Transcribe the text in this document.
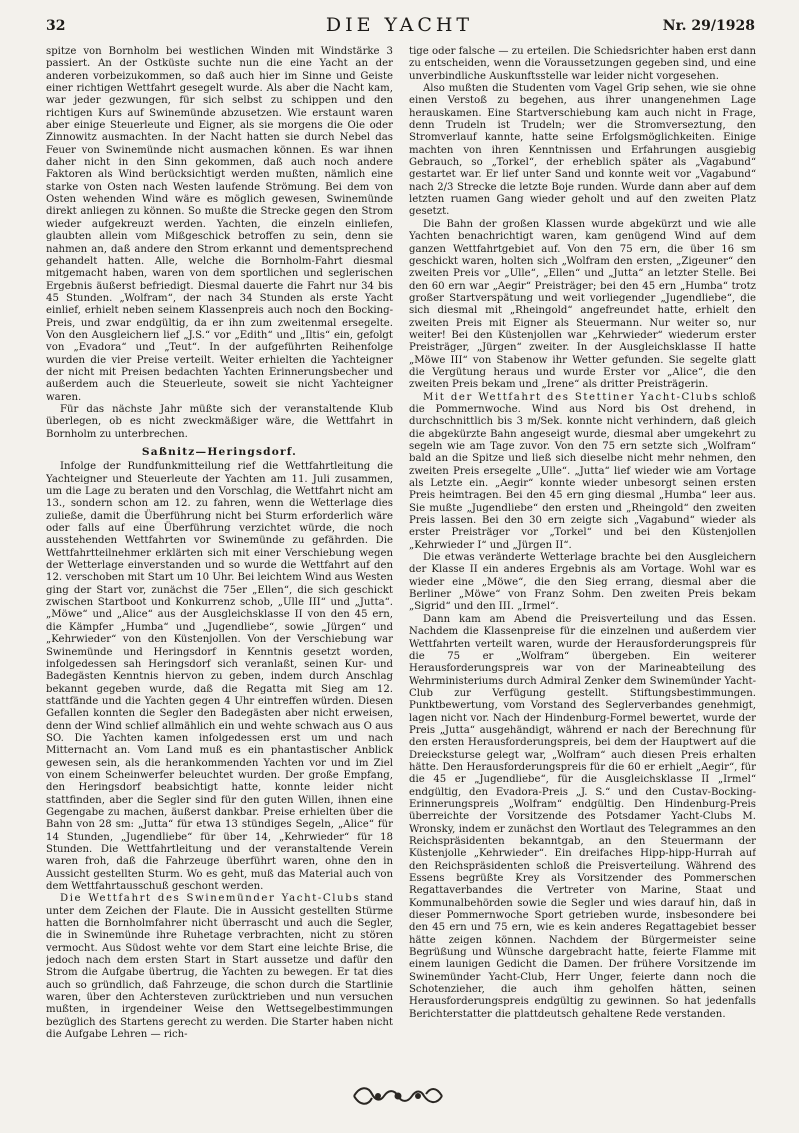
32	DIE YACHT	Nr. 29/1928

spitze von Bornholm bei westlichen Winden mit Windstärke 3 passiert. An der Ostküste suchte nun die eine Yacht an der anderen vorbeizukommen, so daß auch hier im Sinne und Geiste einer richtigen Wettfahrt gesegelt wurde. Als aber die Nacht kam, war jeder gezwungen, für sich selbst zu schippen und den richtigen Kurs auf Swinemünde abzusetzen. Wie erstaunt waren aber einige Steuerleute und Eigner, als sie morgens die Oie oder Zinnowitz ausmachten. In der Nacht hatten sie durch Nebel das Feuer von Swinemünde nicht ausmachen können. Es war ihnen daher nicht in den Sinn gekommen, daß auch noch andere Faktoren als Wind berücksichtigt werden mußten, nämlich eine starke von Osten nach Westen laufende Strömung. Bei dem von Osten wehenden Wind wäre es möglich gewesen, Swinemünde direkt anliegen zu können. So mußte die Strecke gegen den Strom wieder aufgekreuzt werden. Yachten, die einzeln einliefen, glaubten allein vom Mißgeschick betroffen zu sein, denn sie nahmen an, daß andere den Strom erkannt und dementsprechend gehandelt hatten. Alle, welche die Bornholm-Fahrt diesmal mitgemacht haben, waren von dem sportlichen und seglerischen Ergebnis äußerst befriedigt. Diesmal dauerte die Fahrt nur 34 bis 45 Stunden. „Wolfram“, der nach 34 Stunden als erste Yacht einlief, erhielt neben seinem Klassenpreis auch noch den Bocking-Preis, und zwar endgültig, da er ihn zum zweitenmal ersegelte. Von den Ausgleichern lief „J.S.“ vor „Edith“ und „Iltis“ ein, gefolgt von „Evadora“ und „Teut“. In der aufgeführten Reihenfolge wurden die vier Preise verteilt. Weiter erhielten die Yachteigner der nicht mit Preisen bedachten Yachten Erinnerungsbecher und außerdem auch die Steuerleute, soweit sie nicht Yachteigner waren.

Für das nächste Jahr müßte sich der veranstaltende Klub überlegen, ob es nicht zweckmäßiger wäre, die Wettfahrt in Bornholm zu unterbrechen.

Saßnitz—Heringsdorf.

Infolge der Rundfunkmitteilung rief die Wettfahrtleitung die Yachteigner und Steuerleute der Yachten am 11. Juli zusammen, um die Lage zu beraten und den Vorschlag, die Wettfahrt nicht am 13., sondern schon am 12. zu fahren, wenn die Wetterlage dies zuließe, damit die Überführung nicht bei Sturm erforderlich wäre oder falls auf eine Überführung verzichtet würde, die noch ausstehenden Wettfahrten vor Swinemünde zu gefährden. Die Wettfahrtteilnehmer erklärten sich mit einer Verschiebung wegen der Wetterlage einverstanden und so wurde die Wettfahrt auf den 12. verschoben mit Start um 10 Uhr. Bei leichtem Wind aus Westen ging der Start vor, zunächst die 75er „Ellen“, die sich geschickt zwischen Startboot und Konkurrenz schob, „Ulle III“ und „Jutta“. „Möwe“ und „Alice“ aus der Ausgleichsklasse II von den 45 ern, die Kämpfer „Humba“ und „Jugendliebe“, sowie „Jürgen“ und „Kehrwieder“ von den Küstenjollen. Von der Verschiebung war Swinemünde und Heringsdorf in Kenntnis gesetzt worden, infolgedessen sah Heringsdorf sich veranlaßt, seinen Kur- und Badegästen Kenntnis hiervon zu geben, indem durch Anschlag bekannt gegeben wurde, daß die Regatta mit Sieg am 12. stattfände und die Yachten gegen 4 Uhr eintreffen würden. Diesen Gefallen konnten die Segler den Badegästen aber nicht erweisen, denn der Wind schlief allmählich ein und wehte schwach aus O aus SO. Die Yachten kamen infolgedessen erst um und nach Mitternacht an. Vom Land muß es ein phantastischer Anblick gewesen sein, als die herankommenden Yachten vor und im Ziel von einem Scheinwerfer beleuchtet wurden. Der große Empfang, den Heringsdorf beabsichtigt hatte, konnte leider nicht stattfinden, aber die Segler sind für den guten Willen, ihnen eine Gegengabe zu machen, äußerst dankbar. Preise erhielten über die Bahn von 28 sm: „Jutta“ für etwa 13 stündiges Segeln, „Alice“ für 14 Stunden, „Jugendliebe“ für über 14, „Kehrwieder“ für 18 Stunden. Die Wettfahrtleitung und der veranstaltende Verein waren froh, daß die Fahrzeuge überführt waren, ohne den in Aussicht gestellten Sturm. Wo es geht, muß das Material auch von dem Wettfahrtausschuß geschont werden.

Die Wettfahrt des Swinemünder Yacht-Clubs stand unter dem Zeichen der Flaute. Die in Aussicht gestellten Stürme hatten die Bornholmfahrer nicht überrascht und auch die Segler, die in Swinemünde ihre Ruhetage verbrachten, nicht zu stören vermocht. Aus Südost wehte vor dem Start eine leichte Brise, die jedoch nach dem ersten Start in Start aussetze und dafür den Strom die Aufgabe übertrug, die Yachten zu bewegen. Er tat dies auch so gründlich, daß Fahrzeuge, die schon durch die Startlinie waren, über den Achtersteven zurücktrieben und nun versuchen mußten, in irgendeiner Weise den Wettsegelbestimmungen bezüglich des Startens gerecht zu werden. Die Starter haben nicht die Aufgabe Lehren — rich-

tige oder falsche — zu erteilen. Die Schiedsrichter haben erst dann zu entscheiden, wenn die Voraussetzungen gegeben sind, und eine unverbindliche Auskunftsstelle war leider nicht vorgesehen.

Also mußten die Studenten vom Vagel Grip sehen, wie sie ohne einen Verstoß zu begehen, aus ihrer unangenehmen Lage herauskamen. Eine Startverschiebung kam auch nicht in Frage, denn Trudeln ist Trudeln; wer die Stromverseztung, den Stromverlauf kannte, hatte seine Erfolgsmöglichkeiten. Einige machten von ihren Kenntnissen und Erfahrungen ausgiebig Gebrauch, so „Torkel“, der erheblich später als „Vagabund“ gestartet war. Er lief unter Sand und konnte weit vor „Vagabund“ nach 2/3 Strecke die letzte Boje runden. Wurde dann aber auf dem letzten ruamen Gang wieder geholt und auf den zweiten Platz gesetzt.

Die Bahn der großen Klassen wurde abgekürzt und wie alle Yachten benachrichtigt waren, kam genügend Wind auf dem ganzen Wettfahrtgebiet auf. Von den 75 ern, die über 16 sm geschickt waren, holten sich „Wolfram den ersten, „Zigeuner“ den zweiten Preis vor „Ulle“, „Ellen“ und „Jutta“ an letzter Stelle. Bei den 60 ern war „Aegir“ Preisträger; bei den 45 ern „Humba“ trotz großer Startverspätung und weit vorliegender „Jugendliebe“, die sich diesmal mit „Rheingold“ angefreundet hatte, erhielt den zweiten Preis mit Eigner als Steuermann. Nur weiter so, nur weiter! Bei den Küstenjollen war „Kehrwieder“ wiederum erster Preisträger, „Jürgen“ zweiter. In der Ausgleichsklasse II hatte „Möwe III“ von Stabenow ihr Wetter gefunden. Sie segelte glatt die Vergütung heraus und wurde Erster vor „Alice“, die den zweiten Preis bekam und „Irene“ als dritter Preisträgerin.

Mit der Wettfahrt des Stettiner Yacht-Clubs schloß die Pommernwoche. Wind aus Nord bis Ost drehend, in durchschnittlich bis 3 m/Sek. konnte nicht verhindern, daß gleich die abgekürzte Bahn angeseigt wurde, diesmal aber umgekehrt zu segeln wie am Tage zuvor. Von den 75 ern setzte sich „Wolfram“ bald an die Spitze und ließ sich dieselbe nicht mehr nehmen, den zweiten Preis ersegelte „Ulle“. „Jutta“ lief wieder wie am Vortage als Letzte ein. „Aegir“ konnte wieder unbesorgt seinen ersten Preis heimtragen. Bei den 45 ern ging diesmal „Humba“ leer aus. Sie mußte „Jugendliebe“ den ersten und „Rheingold“ den zweiten Preis lassen. Bei den 30 ern zeigte sich „Vagabund“ wieder als erster Preisträger vor „Torkel“ und bei den Küstenjollen „Kehrwieder I“ und „Jürgen II“.

Die etwas veränderte Wetterlage brachte bei den Ausgleichern der Klasse II ein anderes Ergebnis als am Vortage. Wohl war es wieder eine „Möwe“, die den Sieg errang, diesmal aber die Berliner „Möwe“ von Franz Sohm. Den zweiten Preis bekam „Sigrid“ und den III. „Irmel“.

Dann kam am Abend die Preisverteilung und das Essen. Nachdem die Klassenpreise für die einzelnen und außerdem vier Wettfahrten verteilt waren, wurde der Herausforderungspreis für die 75 er „Wolfram“ übergeben. Ein weiterer Herausforderungspreis war von der Marineabteilung des Wehrministeriums durch Admiral Zenker dem Swinemünder Yacht-Club zur Verfügung gestellt. Stiftungsbestimmungen. Punktbewertung, vom Vorstand des Seglerverbandes genehmigt, lagen nicht vor. Nach der Hindenburg-Formel bewertet, wurde der Preis „Jutta“ ausgehändigt, während er nach der Berechnung für den ersten Herausforderungspreis, bei dem der Hauptwert auf die Dreiecksturse gelegt war, „Wolfram“ auch diesen Preis erhalten hätte. Den Herausforderungspreis für die 60 er erhielt „Aegir“, für die 45 er „Jugendliebe“, für die Ausgleichsklasse II „Irmel“ endgültig, den Evadora-Preis „J. S.“ und den Custav-Bocking-Erinnerungspreis „Wolfram“ endgültig. Den Hindenburg-Preis überreichte der Vorsitzende des Potsdamer Yacht-Clubs M. Wronsky, indem er zunächst den Wortlaut des Telegrammes an den Reichspräsidenten bekanntgab, an den Steuermann der Küstenjolle „Kehrwieder“. Ein dreifaches Hipp-hipp-Hurrah auf den Reichspräsidenten schloß die Preisverteilung. Während des Essens begrüßte Krey als Vorsitzender des Pommerschen Regattaverbandes die Vertreter von Marine, Staat und Kommunalbehörden sowie die Segler und wies darauf hin, daß in dieser Pommernwoche Sport getrieben wurde, insbesondere bei den 45 ern und 75 ern, wie es kein anderes Regattagebiet besser hätte zeigen können. Nachdem der Bürgermeister seine Begrüßung und Wünsche dargebracht hatte, feierte Flamme mit einem launigen Gedicht die Damen. Der frühere Vorsitzende im Swinemünder Yacht-Club, Herr Unger, feierte dann noch die Schotenzieher, die auch ihm geholfen hätten, seinen Herausforderungspreis endgültig zu gewinnen. So hat jedenfalls Berichterstatter die plattdeutsch gehaltene Rede verstanden.
